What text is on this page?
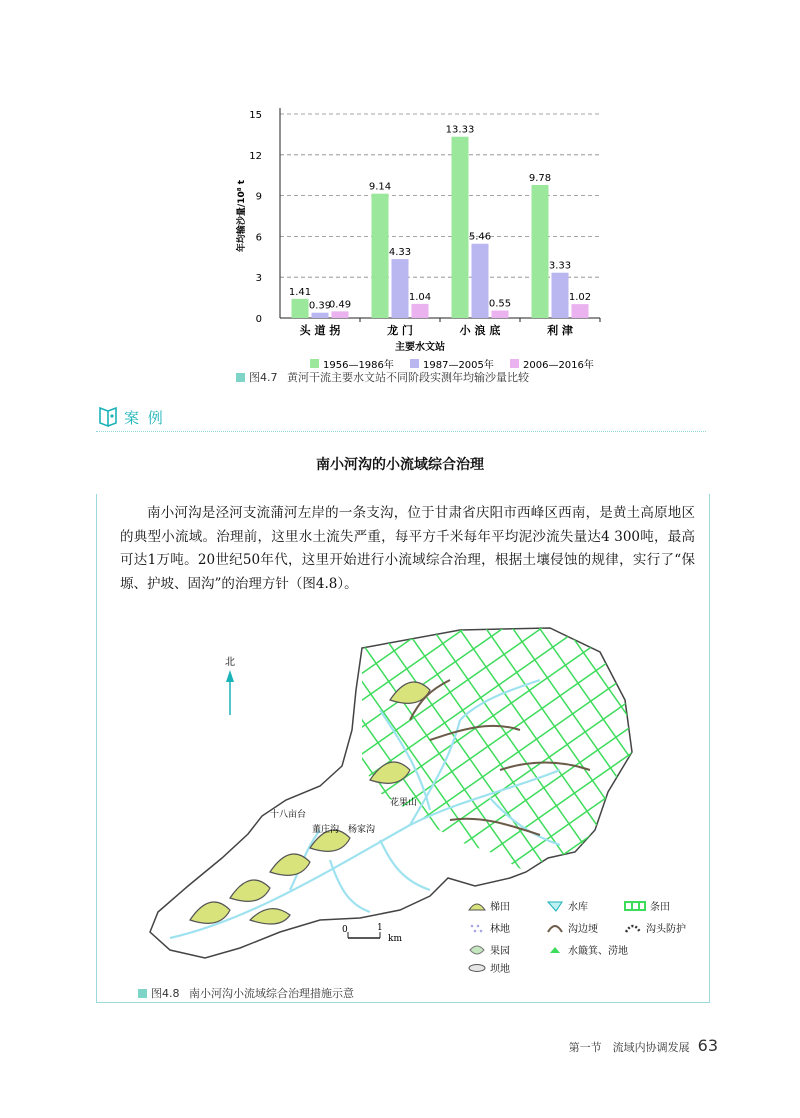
0
3
6
9
12
15
年均输沙量/10⁸ t
1.41
0.39
0.49
头 道 拐
9.14
4.33
1.04
龙 门
13.33
5.46
0.55
小 浪 底
9.78
3.33
1.02
利 津
主要水文站
1956—1986年	1987—2005年	2006—2016年
图4.7 黄河干流主要水文站不同阶段实测年均输沙量比较
案 例
南小河沟的小流域综合治理
南小河沟是泾河支流蒲河左岸的一条支沟，位于甘肃省庆阳市西峰区西南，是黄土高原地区的典型小流域。治理前，这里水土流失严重，每平方千米每年平均泥沙流失量达4 300吨，最高可达1万吨。20世纪50年代，这里开始进行小流域综合治理，根据土壤侵蚀的规律，实行了“保塬、护坡、固沟”的治理方针（图4.8）。
北
十八亩台
董庄沟 杨家沟
花果山
0	1
km
梯田	水库	条田
林地	沟边埂	沟头防护
果园	水簸箕、涝地
坝地
图4.8 南小河沟小流域综合治理措施示意
第一节　流域内协调发展 63
